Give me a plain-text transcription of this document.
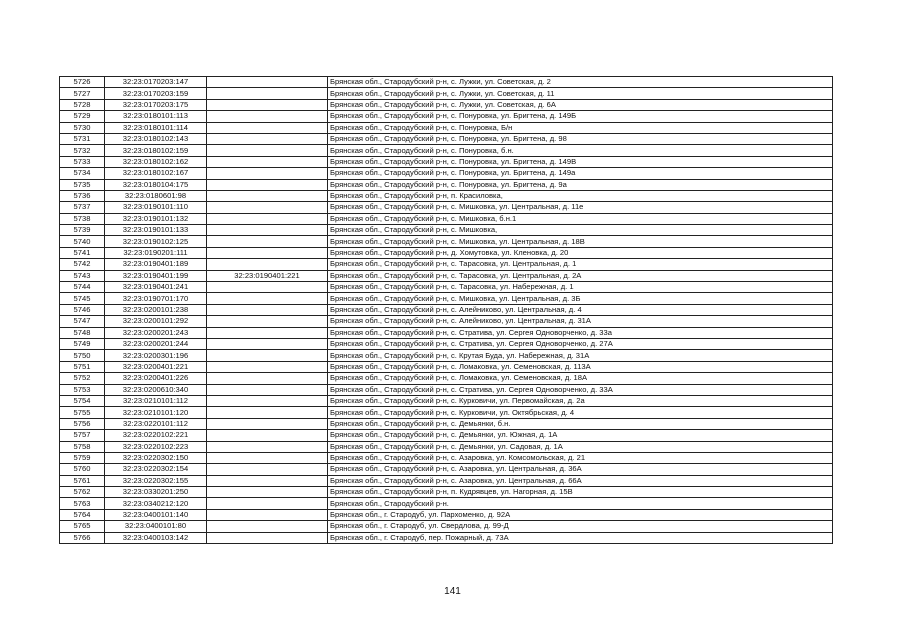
5726	32:23:0170203:147		Брянская обл., Стародубский р-н, с. Лужки, ул. Советская, д. 2
5727	32:23:0170203:159		Брянская обл., Стародубский р-н, с. Лужки, ул. Советская, д. 11
5728	32:23:0170203:175		Брянская обл., Стародубский р-н, с. Лужки, ул. Советская, д. 6А
5729	32:23:0180101:113		Брянская обл., Стародубский р-н, с. Понуровка, ул. Бригтена, д. 149Б
5730	32:23:0180101:114		Брянская обл., Стародубский р-н, с. Понуровка, Б/н
5731	32:23:0180102:143		Брянская обл., Стародубский р-н, с. Понуровка, ул. Бригтена, д. 98
5732	32:23:0180102:159		Брянская обл., Стародубский р-н, с. Понуровка, б.н.
5733	32:23:0180102:162		Брянская обл., Стародубский р-н, с. Понуровка, ул. Бригтена, д. 149В
5734	32:23:0180102:167		Брянская обл., Стародубский р-н, с. Понуровка, ул. Бригтена, д. 149а
5735	32:23:0180104:175		Брянская обл., Стародубский р-н, с. Понуровка, ул. Бригтена, д. 9а
5736	32:23:0180601:98		Брянская обл., Стародубский р-н, п. Красиловка,
5737	32:23:0190101:110		Брянская обл., Стародубский р-н, с. Мишковка, ул. Центральная, д. 11е
5738	32:23:0190101:132		Брянская обл., Стародубский р-н, с. Мишковка, б.н.1
5739	32:23:0190101:133		Брянская обл., Стародубский р-н, с. Мишковка,
5740	32:23:0190102:125		Брянская обл., Стародубский р-н, с. Мишковка, ул. Центральная, д. 18В
5741	32:23:0190201:111		Брянская обл., Стародубский р-н, д. Хомутовка, ул. Кленовка, д. 20
5742	32:23:0190401:189		Брянская обл., Стародубский р-н, с. Тарасовка, ул. Центральная, д. 1
5743	32:23:0190401:199	32:23:0190401:221	Брянская обл., Стародубский р-н, с. Тарасовка, ул. Центральная, д. 2А
5744	32:23:0190401:241		Брянская обл., Стародубский р-н, с. Тарасовка, ул. Набережная, д. 1
5745	32:23:0190701:170		Брянская обл., Стародубский р-н, с. Мишковка, ул. Центральная, д. 3Б
5746	32:23:0200101:238		Брянская обл., Стародубский р-н, с. Алейниково, ул. Центральная, д. 4
5747	32:23:0200101:292		Брянская обл., Стародубский р-н, с. Алейниково, ул. Центральная, д. 31А
5748	32:23:0200201:243		Брянская обл., Стародубский р-н, с. Стратива, ул. Сергея Одноворченко, д. 33а
5749	32:23:0200201:244		Брянская обл., Стародубский р-н, с. Стратива, ул. Сергея Одноворченко, д. 27А
5750	32:23:0200301:196		Брянская обл., Стародубский р-н, с. Крутая Буда, ул. Набережная, д. 31А
5751	32:23:0200401:221		Брянская обл., Стародубский р-н, с. Ломаковка, ул. Семеновская, д. 113А
5752	32:23:0200401:226		Брянская обл., Стародубский р-н, с. Ломаковка, ул. Семеновская, д. 18А
5753	32:23:0200610:340		Брянская обл., Стародубский р-н, с. Стратива, ул. Сергея Одноворченко, д. 33А
5754	32:23:0210101:112		Брянская обл., Стародубский р-н, с. Курковичи, ул. Первомайская, д. 2а
5755	32:23:0210101:120		Брянская обл., Стародубский р-н, с. Курковичи, ул. Октябрьская, д. 4
5756	32:23:0220101:112		Брянская обл., Стародубский р-н, с. Демьянки, б.н.
5757	32:23:0220102:221		Брянская обл., Стародубский р-н, с. Демьянки, ул. Южная, д. 1А
5758	32:23:0220102:223		Брянская обл., Стародубский р-н, с. Демьянки, ул. Садовая, д. 1А
5759	32:23:0220302:150		Брянская обл., Стародубский р-н, с. Азаровка, ул. Комсомольская, д. 21
5760	32:23:0220302:154		Брянская обл., Стародубский р-н, с. Азаровка, ул. Центральная, д. 36А
5761	32:23:0220302:155		Брянская обл., Стародубский р-н, с. Азаровка, ул. Центральная, д. 66А
5762	32:23:0330201:250		Брянская обл., Стародубский р-н, п. Кудрявцев, ул. Нагорная, д. 15В
5763	32:23:0340212:120		Брянская обл., Стародубский р-н.
5764	32:23:0400101:140		Брянская обл., г. Стародуб, ул. Пархоменко, д. 92А
5765	32:23:0400101:80		Брянская обл., г. Стародуб, ул. Свердлова, д. 99-Д
5766	32:23:0400103:142		Брянская обл., г. Стародуб, пер. Пожарный, д. 73А
141
